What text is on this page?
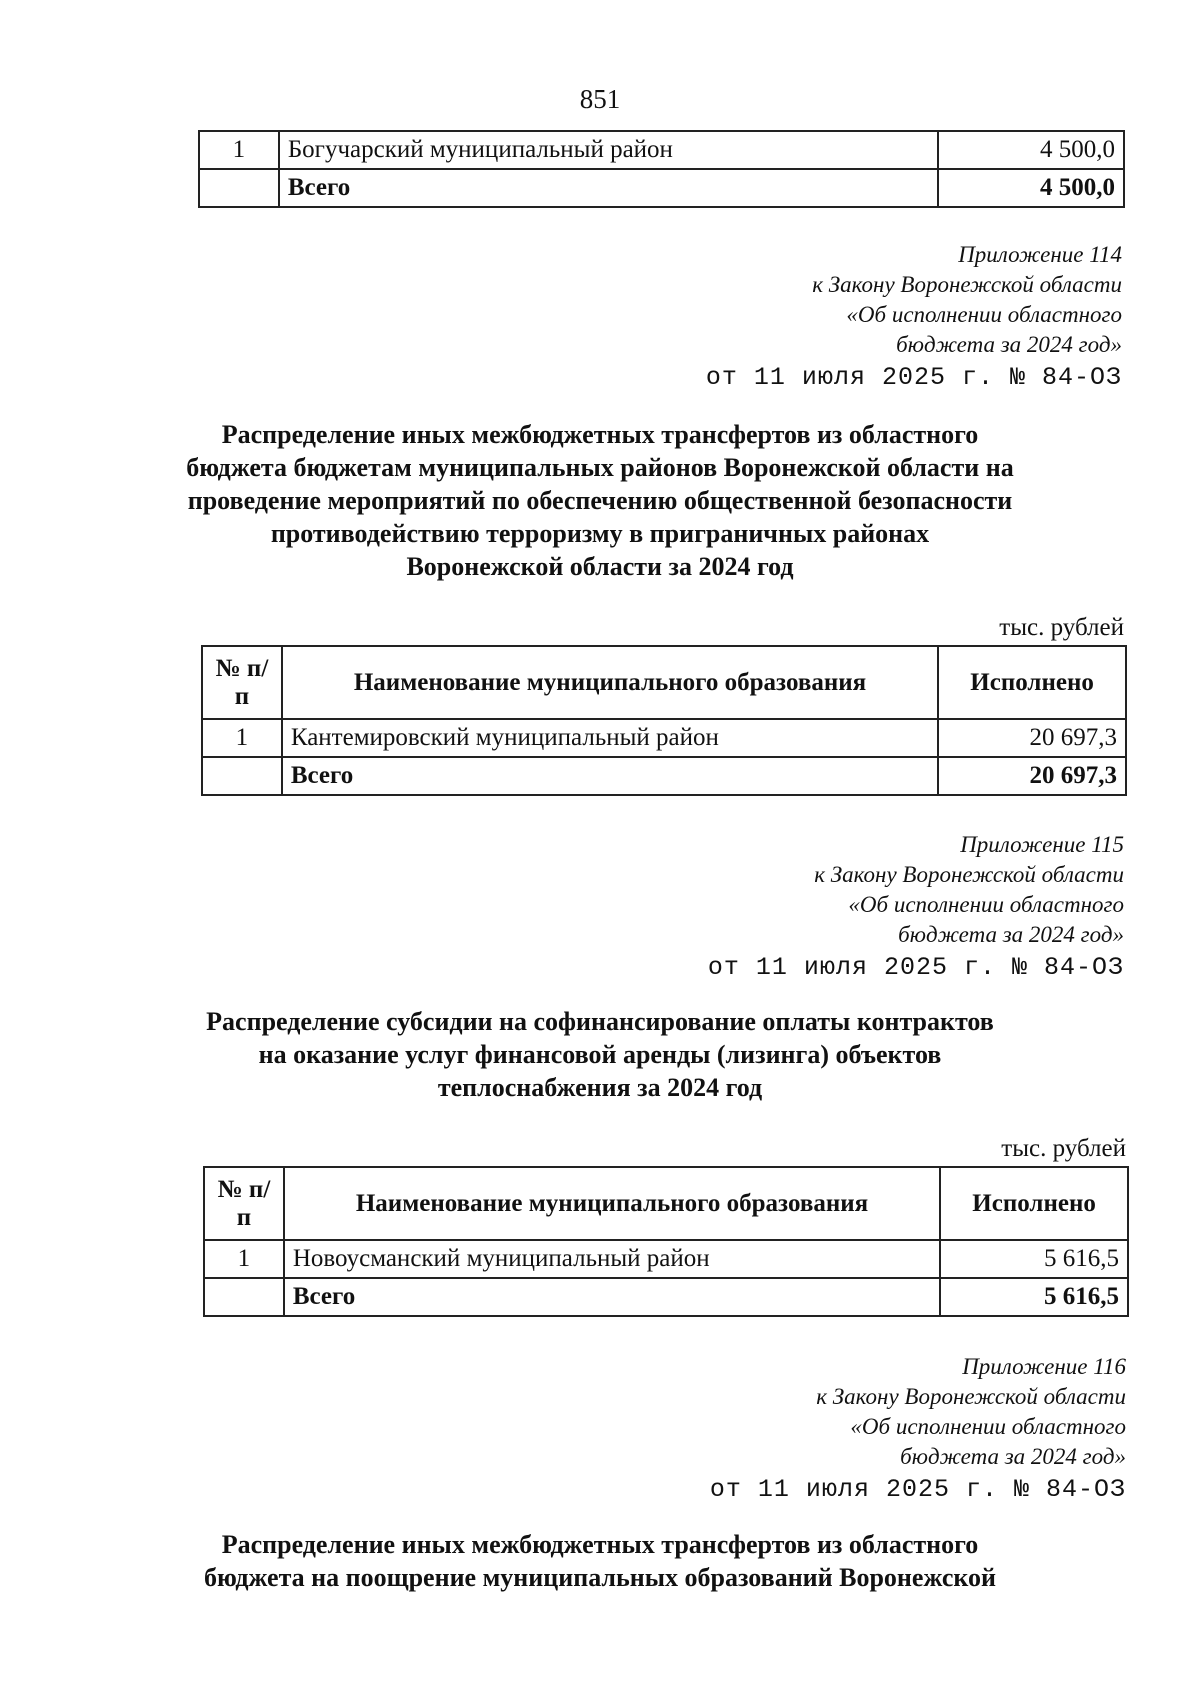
851
1	Богучарский муниципальный район	4 500,0
	Всего	4 500,0
Приложение 114
к Закону Воронежской области
«Об исполнении областного
бюджета за 2024 год»
от 11 июля 2025 г. № 84-ОЗ
Распределение иных межбюджетных трансфертов из областного
бюджета бюджетам муниципальных районов Воронежской области на
проведение мероприятий по обеспечению общественной безопасности
противодействию терроризму в приграничных районах
Воронежской области за 2024 год
тыс. рублей
№ п/п	Наименование муниципального образования	Исполнено
1	Кантемировский муниципальный район	20 697,3
	Всего	20 697,3
Приложение 115
к Закону Воронежской области
«Об исполнении областного
бюджета за 2024 год»
от 11 июля 2025 г. № 84-ОЗ
Распределение субсидии на софинансирование оплаты контрактов
на оказание услуг финансовой аренды (лизинга) объектов
теплоснабжения за 2024 год
тыс. рублей
№ п/п	Наименование муниципального образования	Исполнено
1	Новоусманский муниципальный район	5 616,5
	Всего	5 616,5
Приложение 116
к Закону Воронежской области
«Об исполнении областного
бюджета за 2024 год»
от 11 июля 2025 г. № 84-ОЗ
Распределение иных межбюджетных трансфертов из областного
бюджета на поощрение муниципальных образований Воронежской
